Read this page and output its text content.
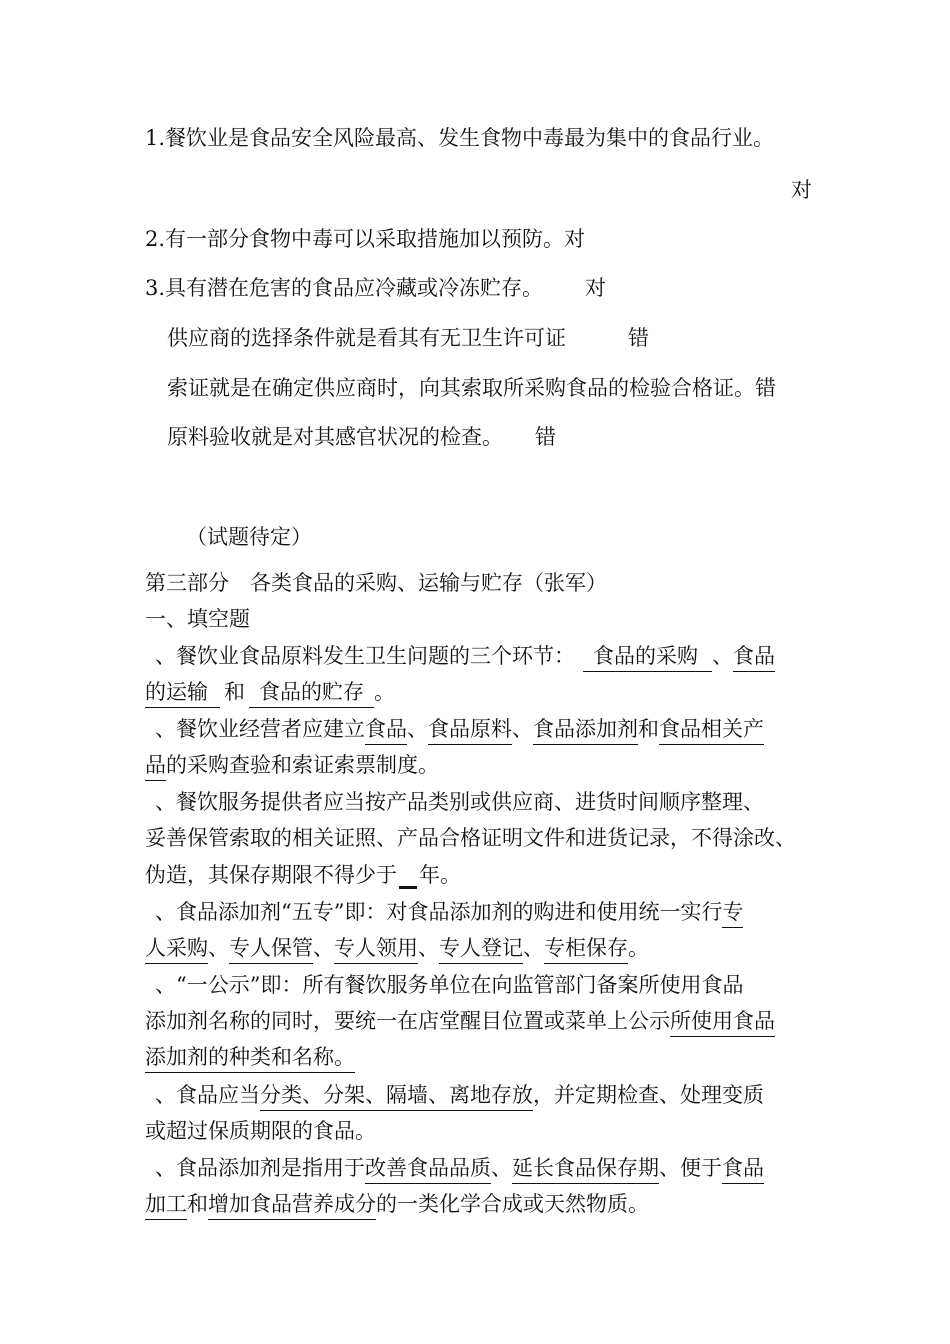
1.餐饮业是食品安全风险最高、发生食物中毒最为集中的食品行业。
对
2.有一部分食物中毒可以采取措施加以预防。对
3.具有潜在危害的食品应冷藏或冷冻贮存。 对
供应商的选择条件就是看其有无卫生许可证	错
索证就是在确定供应商时，向其索取所采购食品的检验合格证。错
原料验收就是对其感官状况的检查。 错
（试题待定）
第三部分　各类食品的采购、运输与贮存（张军）
一、填空题
、餐饮业食品原料发生卫生问题的三个环节： 食品的采购 、食品
的运输 和 食品的贮存 。
、餐饮业经营者应建立食品、食品原料、食品添加剂和食品相关产
品的采购查验和索证索票制度。
、餐饮服务提供者应当按产品类别或供应商、进货时间顺序整理、
妥善保管索取的相关证照、产品合格证明文件和进货记录，不得涂改、
伪造，其保存期限不得少于 年。
、食品添加剂“五专”即：对食品添加剂的购进和使用统一实行专
人采购、专人保管、专人领用、专人登记、专柜保存。
、“一公示”即：所有餐饮服务单位在向监管部门备案所使用食品
添加剂名称的同时，要统一在店堂醒目位置或菜单上公示所使用食品
添加剂的种类和名称。
、食品应当分类、分架、隔墙、离地存放，并定期检查、处理变质
或超过保质期限的食品。
、食品添加剂是指用于改善食品品质、延长食品保存期、便于食品
加工和增加食品营养成分的一类化学合成或天然物质。
